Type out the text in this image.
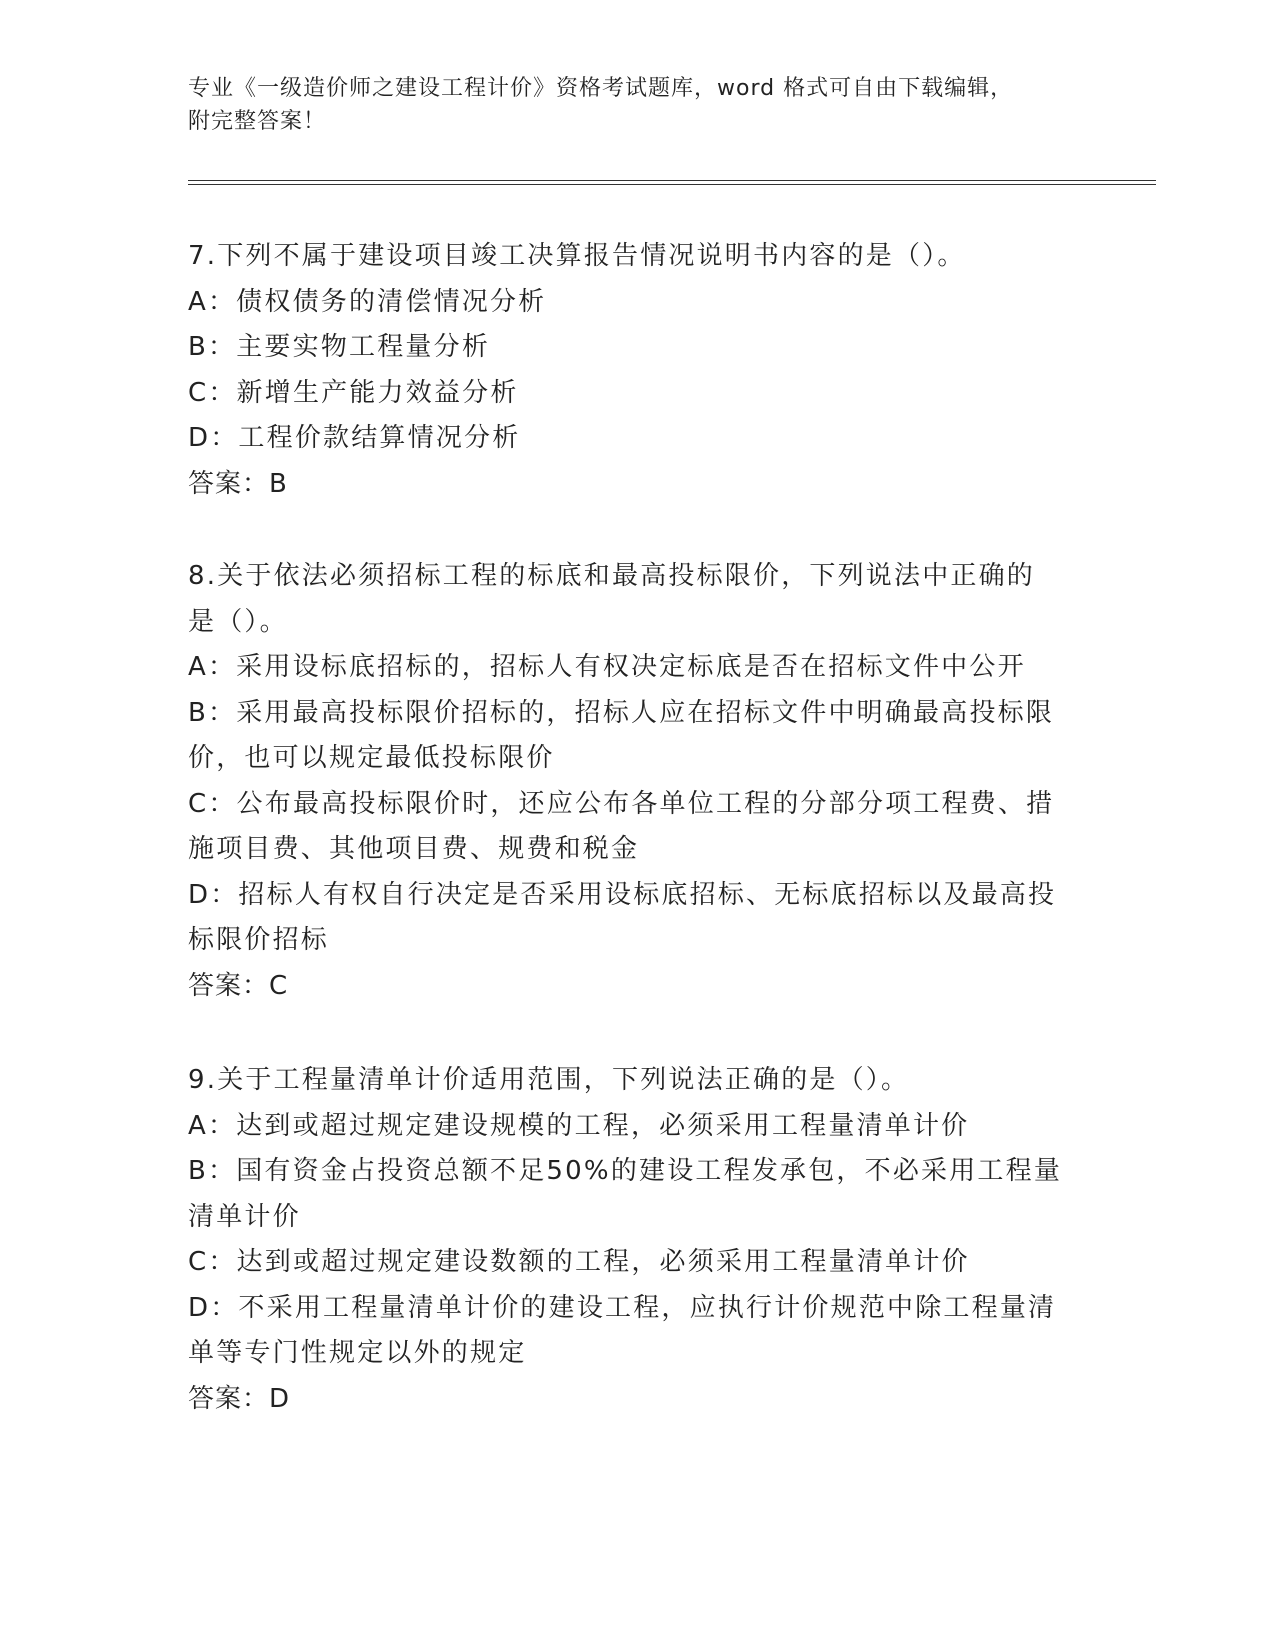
专业《一级造价师之建设工程计价》资格考试题库，word 格式可自由下载编辑，
附完整答案！
7.下列不属于建设项目竣工决算报告情况说明书内容的是（）。
A：债权债务的清偿情况分析
B：主要实物工程量分析
C：新增生产能力效益分析
D：工程价款结算情况分析
答案：B
8.关于依法必须招标工程的标底和最高投标限价，下列说法中正确的
是（）。
A：采用设标底招标的，招标人有权决定标底是否在招标文件中公开
B：采用最高投标限价招标的，招标人应在招标文件中明确最高投标限
价，也可以规定最低投标限价
C：公布最高投标限价时，还应公布各单位工程的分部分项工程费、措
施项目费、其他项目费、规费和税金
D：招标人有权自行决定是否采用设标底招标、无标底招标以及最高投
标限价招标
答案：C
9.关于工程量清单计价适用范围，下列说法正确的是（）。
A：达到或超过规定建设规模的工程，必须采用工程量清单计价
B：国有资金占投资总额不足50%的建设工程发承包，不必采用工程量
清单计价
C：达到或超过规定建设数额的工程，必须采用工程量清单计价
D：不采用工程量清单计价的建设工程，应执行计价规范中除工程量清
单等专门性规定以外的规定
答案：D
